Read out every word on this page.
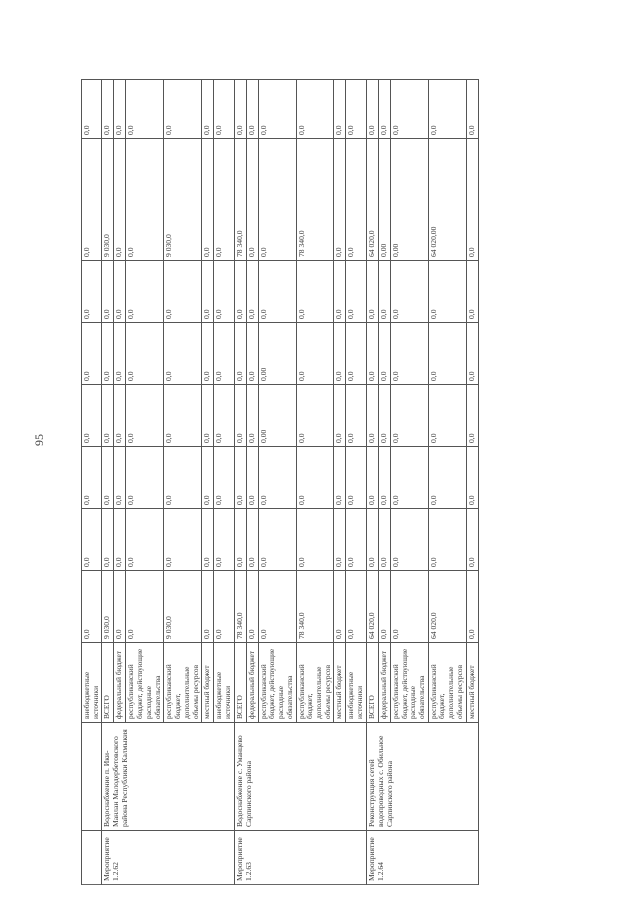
95
		внебюджетные источники	0,0	0,0	0,0	0,0	0,0	0,0	0,0	0,0
Мероприятие 1.2.62	Водоснабжение п. Ики-Манлан Малодербетовского района Республики Калмыкия	ВСЕГО	9 030,0	0,0	0,0	0,0	0,0	0,0	9 030,0	0,0
		федеральный бюджет	0,0	0,0	0,0	0,0	0,0	0,0	0,0	0,0
		республиканский бюджет, действующие расходные обязательства	0,0	0,0	0,0	0,0	0,0	0,0	0,0	0,0
		республиканский бюджет, дополнительные объемы ресурсов	9 030,0	0,0	0,0	0,0	0,0	0,0	9 030,0	0,0
		местный бюджет	0,0	0,0	0,0	0,0	0,0	0,0	0,0	0,0
		внебюджетные источники	0,0	0,0	0,0	0,0	0,0	0,0	0,0	0,0
Мероприятие 1.2.63	Водоснабжение с. Уманцево Сарпинского района	ВСЕГО	78 340,0	0,0	0,0	0,0	0,0	0,0	78 340,0	0,0
		федеральный бюджет	0,0	0,0	0,0	0,0	0,0	0,0	0,0	0,0
		республиканский бюджет, действующие расходные обязательства	0,0	0,0	0,0	0,00	0,00	0,0	0,0	0,0
		республиканский бюджет, дополнительные объемы ресурсов	78 340,0	0,0	0,0	0,0	0,0	0,0	78 340,0	0,0
		местный бюджет	0,0	0,0	0,0	0,0	0,0	0,0	0,0	0,0
		внебюджетные источники	0,0	0,0	0,0	0,0	0,0	0,0	0,0	0,0
Мероприятие 1.2.64	Реконструкция сетей водопроводных с. Обильное Сарпинского района	ВСЕГО	64 020,0	0,0	0,0	0,0	0,0	0,0	64 020,0	0,0
		федеральный бюджет	0,0	0,0	0,0	0,0	0,0	0,0	0,00	0,0
		республиканский бюджет, действующие расходные обязательства	0,0	0,0	0,0	0,0	0,0	0,0	0,00	0,0
		республиканский бюджет, дополнительные объемы ресурсов	64 020,0	0,0	0,0	0,0	0,0	0,0	64 020,00	0,0
		местный бюджет	0,0	0,0	0,0	0,0	0,0	0,0	0,0	0,0
